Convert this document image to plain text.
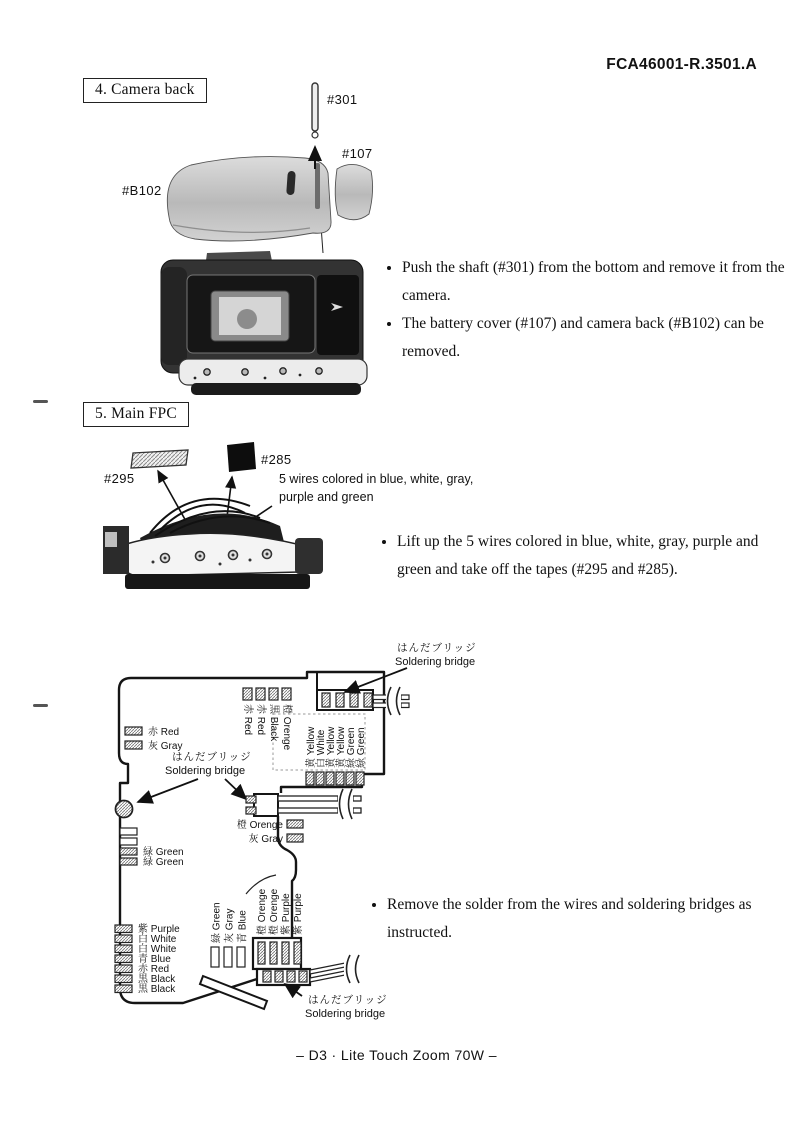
FCA46001-R.3501.A
4. Camera back
#301
#107
#B102
• Push the shaft (#301) from the bottom and remove it from the camera.
• The battery cover (#107) and camera back (#B102) can be removed.
5. Main FPC
#295
#285
5 wires colored in blue, white, gray,
purple and green
• Lift up the 5 wires colored in blue, white, gray, purple and green and take off the tapes (#295 and #285).
• Remove the solder from the wires and soldering bridges as instructed.
赤 Red 赤 Red 黒 Black 橙 Orenge
はんだブリッジ
Soldering bridge
黄 Yellow 白 White 黄 Yellow 黄 Yellow 緑 Green 緑 Green
赤 Red
灰 Gray
はんだブリッジ
Soldering bridge
橙 Orenge
灰 Gray
緑 Green
緑 Green
紫 Purple
白 White
白 White
青 Blue
赤 Red
黒 Black
黒 Black
緑 Green 灰 Gray 青 Blue 橙 Orenge 橙 Orenge 紫 Purple 紫 Purple
はんだブリッジ
Soldering bridge
– D3 · Lite Touch Zoom 70W –
